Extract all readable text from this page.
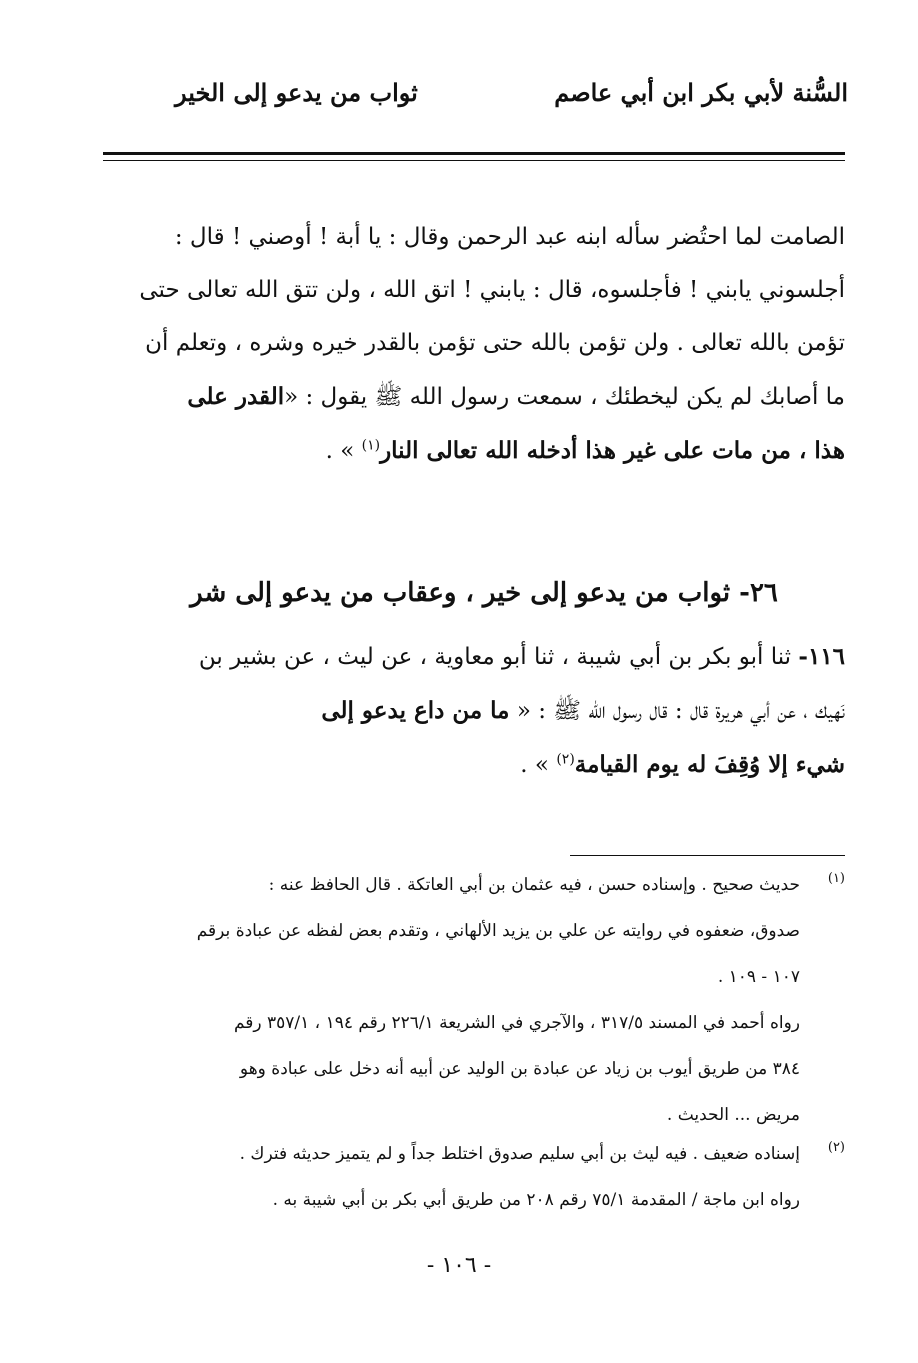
السُّنة لأبي بكر ابن أبي عاصم
ثواب من يدعو إلى الخير
الصامت لما احتُضر سأله ابنه عبد الرحمن وقال : يا أبة ! أوصني ! قال :
أجلسوني يابني ! فأجلسوه، قال : يابني ! اتق الله ، ولن تتق الله تعالى حتى
تؤمن بالله تعالى . ولن تؤمن بالله حتى تؤمن بالقدر خيره وشره ، وتعلم أن
ما أصابك لم يكن ليخطئك ، سمعت رسول الله ﷺ يقول : «القدر على
هذا ، من مات على غير هذا أدخله الله تعالى النار$^{(١)}$ » .
٢٦- ثواب من يدعو إلى خير ، وعقاب من يدعو إلى شر
١١٦- ثنا أبو بكر بن أبي شيبة ، ثنا أبو معاوية ، عن ليث ، عن بشير بن
نَهيك ، عن أبي هريرة قال : قال رسول الله ﷺ : « ما من داع يدعو إلى
شيء إلا وُقِفَ له يوم القيامة$^{(٢)}$ » .
(١)
حديث صحيح . وإسناده حسن ، فيه عثمان بن أبي العاتكة . قال الحافظ عنه :
صدوق، ضعفوه في روايته عن علي بن يزيد الألهاني ، وتقدم بعض لفظه عن عبادة برقم
١٠٧ - ١٠٩ .
رواه أحمد في المسند ٣١٧/٥ ، والآجري في الشريعة ٢٢٦/١ رقم ١٩٤ ، ٣٥٧/١ رقم
٣٨٤ من طريق أيوب بن زياد عن عبادة بن الوليد عن أبيه أنه دخل على عبادة وهو
مريض ... الحديث .
(٢)
إسناده ضعيف . فيه ليث بن أبي سليم صدوق اختلط جداً و لم يتميز حديثه فترك .
رواه ابن ماجة / المقدمة ٧٥/١ رقم ٢٠٨ من طريق أبي بكر بن أبي شيبة به .
- ١٠٦ -
